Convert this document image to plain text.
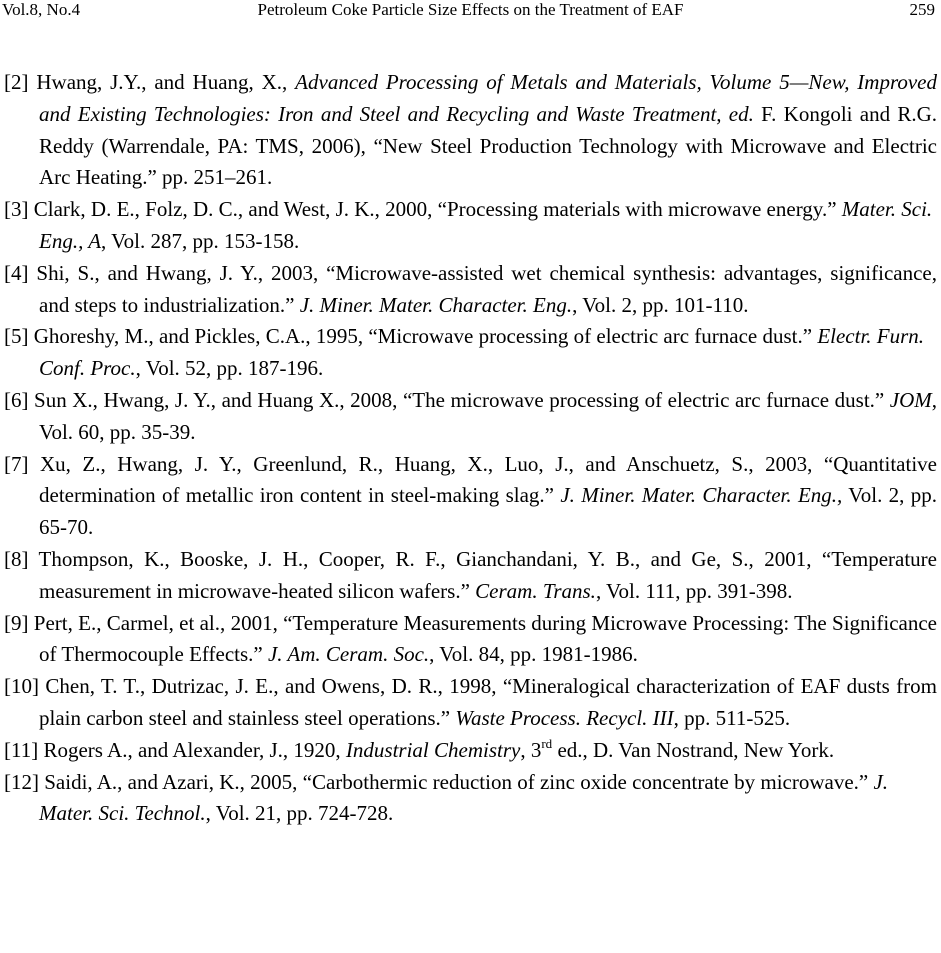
Vol.8, No.4	Petroleum Coke Particle Size Effects on the Treatment of EAF	259

[2] Hwang, J.Y., and Huang, X., Advanced Processing of Metals and Materials, Volume 5—New, Improved and Existing Technologies: Iron and Steel and Recycling and Waste Treatment, ed. F. Kongoli and R.G. Reddy (Warrendale, PA: TMS, 2006), “New Steel Production Technology with Microwave and Electric Arc Heating.” pp. 251–261.

[3] Clark, D. E., Folz, D. C., and West, J. K., 2000, “Processing materials with microwave energy.” Mater. Sci. Eng., A, Vol. 287, pp. 153-158.

[4] Shi, S., and Hwang, J. Y., 2003, “Microwave-assisted wet chemical synthesis: advantages, significance, and steps to industrialization.” J. Miner. Mater. Character. Eng., Vol. 2, pp. 101-110.

[5] Ghoreshy, M., and Pickles, C.A., 1995, “Microwave processing of electric arc furnace dust.” Electr. Furn. Conf. Proc., Vol. 52, pp. 187-196.

[6] Sun X., Hwang, J. Y., and Huang X., 2008, “The microwave processing of electric arc furnace dust.” JOM, Vol. 60, pp. 35-39.

[7] Xu, Z., Hwang, J. Y., Greenlund, R., Huang, X., Luo, J., and Anschuetz, S., 2003, “Quantitative determination of metallic iron content in steel-making slag.” J. Miner. Mater. Character. Eng., Vol. 2, pp. 65-70.

[8] Thompson, K., Booske, J. H., Cooper, R. F., Gianchandani, Y. B., and Ge, S., 2001, “Temperature measurement in microwave-heated silicon wafers.” Ceram. Trans., Vol. 111, pp. 391-398.

[9] Pert, E., Carmel, et al., 2001, “Temperature Measurements during Microwave Processing: The Significance of Thermocouple Effects.” J. Am. Ceram. Soc., Vol. 84, pp. 1981-1986.

[10] Chen, T. T., Dutrizac, J. E., and Owens, D. R., 1998, “Mineralogical characterization of EAF dusts from plain carbon steel and stainless steel operations.” Waste Process. Recycl. III, pp. 511-525.

[11] Rogers A., and Alexander, J., 1920, Industrial Chemistry, 3rd ed., D. Van Nostrand, New York.

[12] Saidi, A., and Azari, K., 2005, “Carbothermic reduction of zinc oxide concentrate by microwave.” J. Mater. Sci. Technol., Vol. 21, pp. 724-728.
